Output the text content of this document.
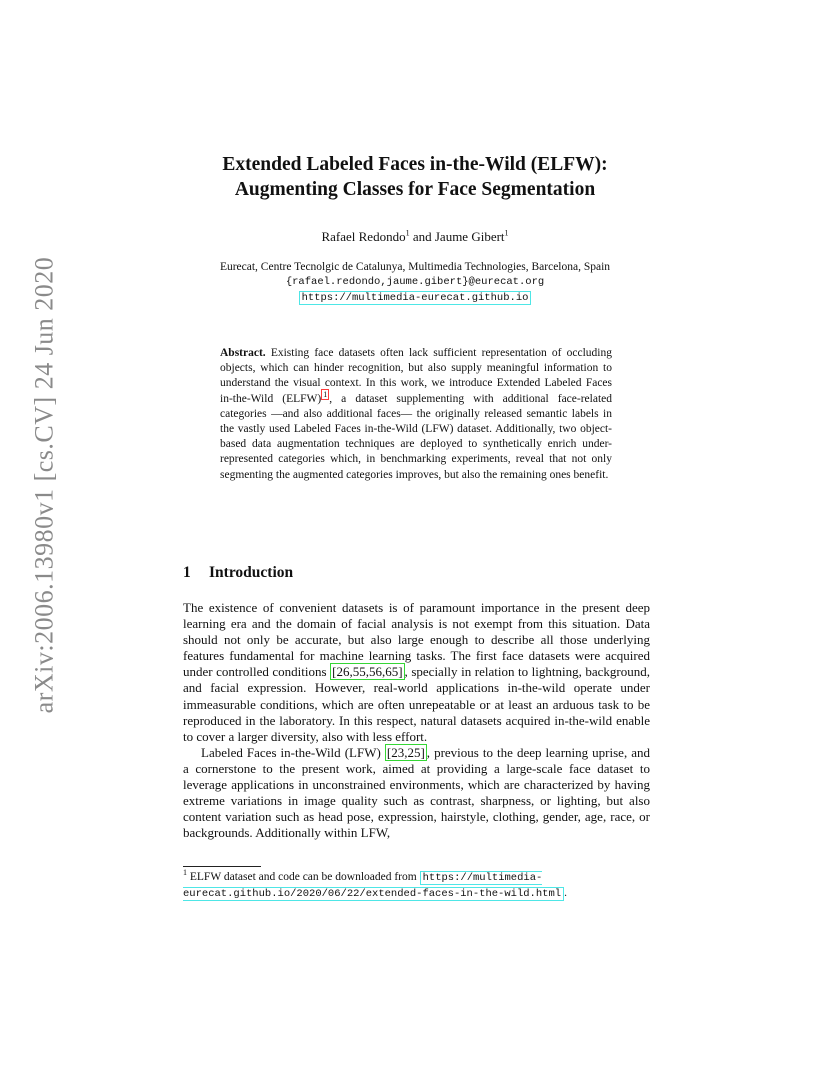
arXiv:2006.13980v1 [cs.CV] 24 Jun 2020
Extended Labeled Faces in-the-Wild (ELFW):
Augmenting Classes for Face Segmentation
Rafael Redondo$^1$ and Jaume Gibert$^1$
Eurecat, Centre Tecnolgic de Catalunya, Multimedia Technologies, Barcelona, Spain
{rafael.redondo,jaume.gibert}@eurecat.org
https://multimedia-eurecat.github.io
Abstract. Existing face datasets often lack sufficient representation of occluding objects, which can hinder recognition, but also supply meaningful information to understand the visual context. In this work, we introduce Extended Labeled Faces in-the-Wild (ELFW) $^1$ , a dataset supplementing with additional face-related categories —and also additional faces— the originally released semantic labels in the vastly used Labeled Faces in-the-Wild (LFW) dataset. Additionally, two object-based data augmentation techniques are deployed to synthetically enrich under-represented categories which, in benchmarking experiments, reveal that not only segmenting the augmented categories improves, but also the remaining ones benefit.
1 Introduction

The existence of convenient datasets is of paramount importance in the present deep learning era and the domain of facial analysis is not exempt from this situation. Data should not only be accurate, but also large enough to describe all those underlying features fundamental for machine learning tasks. The first face datasets were acquired under controlled conditions [26,55,56,65] , specially in relation to lightning, background, and facial expression. However, real-world applications in-the-wild operate under immeasurable conditions, which are often unrepeatable or at least an arduous task to be reproduced in the laboratory. In this respect, natural datasets acquired in-the-wild enable to cover a larger diversity, also with less effort.

Labeled Faces in-the-Wild (LFW) [23,25] , previous to the deep learning uprise, and a cornerstone to the present work, aimed at providing a large-scale face dataset to leverage applications in unconstrained environments, which are characterized by having extreme variations in image quality such as contrast, sharpness, or lighting, but also content variation such as head pose, expression, hairstyle, clothing, gender, age, race, or backgrounds. Additionally within LFW,

$^1$ ELFW dataset and code can be downloaded from https://multimedia-eurecat.github.io/2020/06/22/extended-faces-in-the-wild.html .
